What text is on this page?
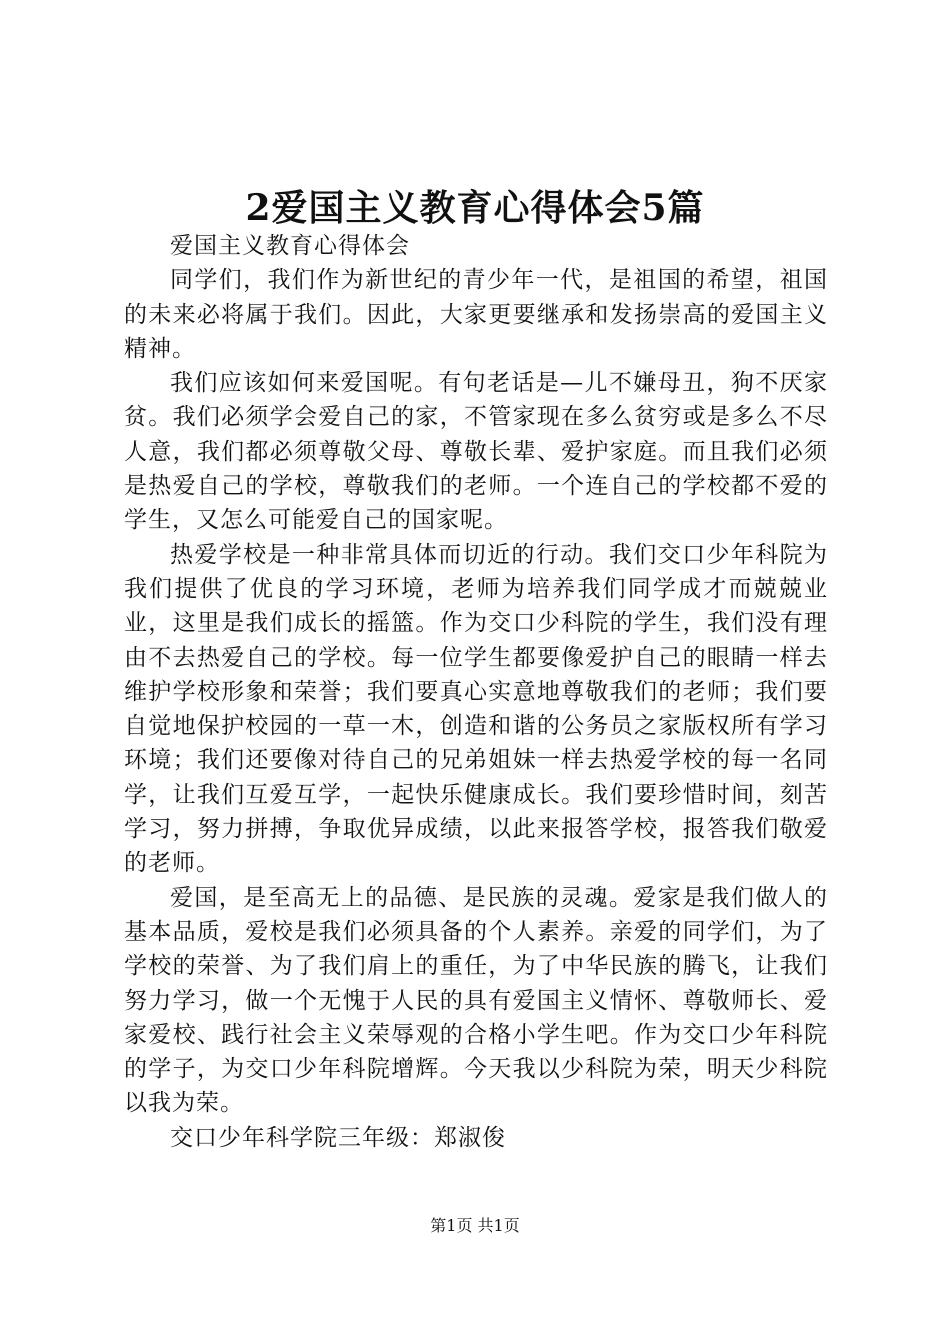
2爱国主义教育心得体会5篇

爱国主义教育心得体会

同学们，我们作为新世纪的青少年一代，是祖国的希望，祖国的未来必将属于我们。因此，大家更要继承和发扬崇高的爱国主义精神。

我们应该如何来爱国呢。有句老话是—儿不嫌母丑，狗不厌家贫。我们必须学会爱自己的家，不管家现在多么贫穷或是多么不尽人意，我们都必须尊敬父母、尊敬长辈、爱护家庭。而且我们必须是热爱自己的学校，尊敬我们的老师。一个连自己的学校都不爱的学生，又怎么可能爱自己的国家呢。

热爱学校是一种非常具体而切近的行动。我们交口少年科院为我们提供了优良的学习环境，老师为培养我们同学成才而兢兢业业，这里是我们成长的摇篮。作为交口少科院的学生，我们没有理由不去热爱自己的学校。每一位学生都要像爱护自己的眼睛一样去维护学校形象和荣誉；我们要真心实意地尊敬我们的老师；我们要自觉地保护校园的一草一木，创造和谐的公务员之家版权所有学习环境；我们还要像对待自己的兄弟姐妹一样去热爱学校的每一名同学，让我们互爱互学，一起快乐健康成长。我们要珍惜时间，刻苦学习，努力拼搏，争取优异成绩，以此来报答学校，报答我们敬爱的老师。

爱国，是至高无上的品德、是民族的灵魂。爱家是我们做人的基本品质，爱校是我们必须具备的个人素养。亲爱的同学们，为了学校的荣誉、为了我们肩上的重任，为了中华民族的腾飞，让我们努力学习，做一个无愧于人民的具有爱国主义情怀、尊敬师长、爱家爱校、践行社会主义荣辱观的合格小学生吧。作为交口少年科院的学子，为交口少年科院增辉。今天我以少科院为荣，明天少科院以我为荣。

交口少年科学院三年级：郑淑俊

第1页 共1页
